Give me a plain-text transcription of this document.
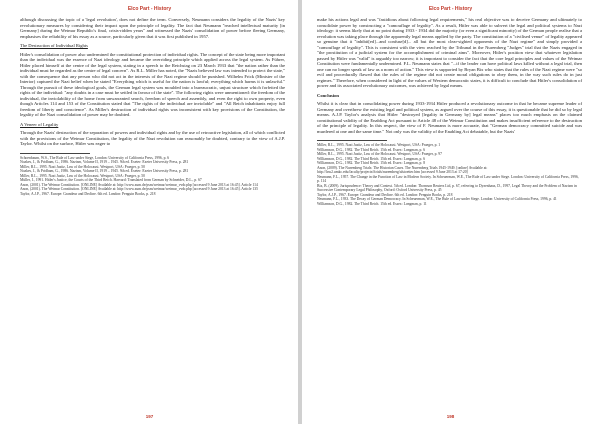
Elco Part - History

although discussing the topic of a 'legal revolution', does not define the term. Conversely, Neumann considers the legality of the Nazis' key revolutionary measures by considering their impact upon the principle of legality. The fact that Neumann "reached intellectual maturity [in Germany] during the Weimar Republic's final, crisis-ridden years" and witnessed the Nazis' consolidation of power before fleeing Germany, emphasises the reliability of his essay as a source, particularly given that it was first published in 1957.

The Destruction of Individual Rights

Hitler's consolidation of power also undermined the constitutional protection of individual rights. The concept of the state being more important than the individual was the essence of Nazi ideology and became the overriding principle which applied across the legal system. As Führer, Hitler placed himself at the centre of the legal system, stating in a speech to the Reichstag on 23 March 1933 that "the nation rather than the individual must be regarded as the centre of legal concern". As R.L. Miller has noted, the "Nazis believed law was intended to protect the state," with the consequence that any person who did not act in the interests of the Nazi regime should be punished. Wilhelm Frick (Minister of the Interior) captured the Nazi belief when he stated "Everything which is useful for the nation is lawful; everything which harms it is unlawful." Through the pursuit of these ideological goals, the German legal system was moulded into a bureaucratic, unjust structure which forfeited the rights of the individual: "any doubts in a case must be settled in favour of the state". The following rights were unmentioned: the freedom of the individual, the inviolability of the home from unwarranted search, freedom of speech and assembly, and even the right to own property, even though Articles 114 and 153 of the Constitution stated that "The rights of the individual are inviolable" and "All Reich inhabitants enjoy full freedom of liberty and conscience". As Miller's destruction of individual rights was inconsistent with key provisions of the Constitution, the legality of the Nazi consolidation of power may be doubted.

A Veneer of Legality

Through the Nazis' destruction of the separation of powers and individual rights and by the use of retroactive legislation, all of which conflicted with the provisions of the Weimar Constitution, the legality of the Nazi revolution can reasonably be doubted, contrary to the view of A.J.P. Taylor. Whilst on the surface, Hitler was eager to

Schoenbaum, W.S., The Rule of Law under Siege, London: University of California Press, 1996, p. 6
Noakes, J., & Pridham, G., 1986. Nazism, Volume II, 1919 – 1945. 9th ed. Exeter: Exeter University Press, p. 281
Miller, R.L., 1995. Nazi Justiz, Law of the Holocaust. Westport, USA: Praeger, p. 50
Noakes, J., & Pridham, G., 1986. Nazism, Volume II, 1919 – 1945. 9th ed. Exeter: Exeter University Press, p. 281
Miller, R.L., 1995. Nazi Justiz, Law of the Holocaust. Westport, USA: Praeger, p. 50
Müller, I., 1991. Hitler's Justice, the Courts of the Third Reich. Harvard: Translated from German by Schneider, D.L., p. 67
Anon, (2001). The Weimar Constitution. [ONLINE] Available at: http://www.zum.de/psm/weimar/weimar_vvdr.php [accessed 9 June 2013 at 16:45]. Article 114
Anon, (2001). The Weimar Constitution. [ONLINE] Available at: http://www.zum.de/psm/weimar/weimar_vvdr.php [accessed 9 June 2013 at 16:45]. Article 135
Taylor, A.J.P., 1967. Europe: Grandeur and Decline. 6th ed. London: Penguin Books, p. 218
197
Elco Part - History

make his actions legal and was "fastidious about following legal requirements," his real objective was to deceive Germany and ultimately to consolidate power by constructing a "camouflage of legality". As a result, Hitler was able to subvert the legal and political systems to Nazi ideology: it seems likely that at no point during 1933 - 1934 did the majority (or even a significant minority) of the German people realise that a revolution was taking place through the apparently legal means applied by the party. The constitution of a "civilised venue" of legality appeared so genuine that it "inhibit[ed]...and confuse[d]... all but the most clear-sighted opponents of the Nazi regime" and simply provided a "camouflage of legality". This is consistent with the view reached by the Tribunal in the Nuremberg "Judges" trial that the Nazis engaged in "the prostitution of a judicial system for the accomplishment of criminal aims". Moreover, Hitler's position view that whatever legislation passed by Hitler was "valid" is arguably too narrow; it is important to consider the fact that the core legal principles and values of the Weimar Constitution were fundamentally undermined. F.L. Neumann states that "...if the leader can have political laws killed without a legal trial, then one can no longer speak of law as a norm of action." This view is supported by Bryan Bix who states that the rules of the Nazi regime were "so evil and procedurally flawed that the rules of the regime did not create moral obligations to obey them, in the way such rules do in just regimes." Therefore, when considered in light of the values of Western democratic states, it is difficult to conclude that Hitler's consolidation of power and its associated revolutionary outcomes, was achieved by legal means.

Conclusion

Whilst it is clear that in consolidating power during 1933-1934 Hitler produced a revolutionary outcome in that he became supreme leader of Germany and overthrew the existing legal and political system, as argued over the course of this essay, it is questionable that he did so by legal means. A.J.P. Taylor's analysis that Hitler "destroyed [legality in Germany by] legal means" places too much emphasis on the claimed constitutional validity of the Enabling Act pursuant to Article 48 of the Weimar Constitution and makes insufficient reference to the destruction of the principle of legality. In this respect, the view of F. Neumann is more accurate, that "German democracy committed suicide and was murdered at one and the same time." Not only was the validity of the Enabling Act debatable, but the Nazis'

Miller, R.L., 1995. Nazi Justiz, Law of the Holocaust. Westport, USA: Praeger, p. 1
Williamson, D.G., 1982. The Third Reich. 15th ed. Essex: Longman, p. 6
Miller, R.L., 1995. Nazi Justiz, Law of the Holocaust. Westport, USA: Praeger, p. 97
Williamson, D.G., 1982. The Third Reich. 15th ed. Essex: Longman, p. 6
Williamson, D.G., 1982. The Third Reich. 15th ed. Essex: Longman, p. 8
Anon, (2009). The Nuremberg Trials: The Historian Cases. The Nuremberg Trials 1945-1949. [online] Available at: http://law2.umkc.edu/faculty/projects/ftrials/nuremberg/alstoetter.htm [accessed 9 June 2013 at 17:20]
Neumann, F.L., 1957. The Change in the Function of Law in Modern Society. In Scheuerman, W.E., The Rule of Law under Siege. London: University of California Press, 1996, p. 114
Bix, B. (2009). Jurisprudence: Theory and Context. 5th ed. London: Thomson Reuters Ltd, p. 67, referring to Dyzenhaus, D., 1997, Legal Theory and the Problem of Nazism in Successive Contemporary Legal Philosophy, Oxford: Oxford University Press, p. 45
Taylor, A.J.P., 1967. Europe: Grandeur and Decline. 6th ed. London: Penguin Books, p. 218
Neumann, F.L., 1933. The Decay of German Democracy. In Scheuerman, W.E., The Rule of Law under Siege. London: University of California Press, 1996, p. 41
Williamson, D.G., 1982. The Third Reich. 15th ed. Essex: Longman, p. 11
198
